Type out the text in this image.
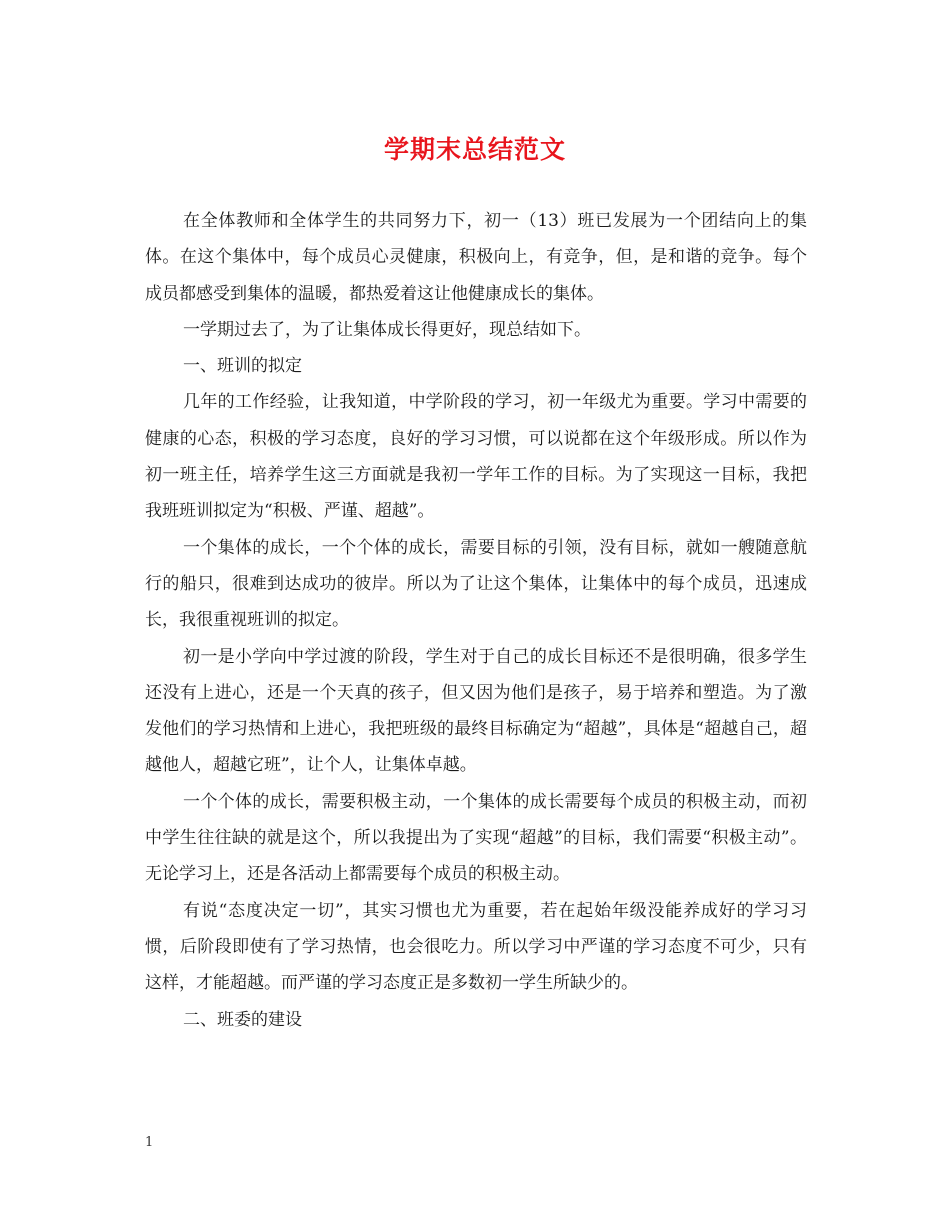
学期末总结范文

在全体教师和全体学生的共同努力下，初一（13）班已发展为一个团结向上的集体。在这个集体中，每个成员心灵健康，积极向上，有竞争，但，是和谐的竞争。每个成员都感受到集体的温暖，都热爱着这让他健康成长的集体。

一学期过去了，为了让集体成长得更好，现总结如下。

一、班训的拟定

几年的工作经验，让我知道，中学阶段的学习，初一年级尤为重要。学习中需要的健康的心态，积极的学习态度，良好的学习习惯，可以说都在这个年级形成。所以作为初一班主任，培养学生这三方面就是我初一学年工作的目标。为了实现这一目标，我把我班班训拟定为“积极、严谨、超越”。

一个集体的成长，一个个体的成长，需要目标的引领，没有目标，就如一艘随意航行的船只，很难到达成功的彼岸。所以为了让这个集体，让集体中的每个成员，迅速成长，我很重视班训的拟定。

初一是小学向中学过渡的阶段，学生对于自己的成长目标还不是很明确，很多学生还没有上进心，还是一个天真的孩子，但又因为他们是孩子，易于培养和塑造。为了激发他们的学习热情和上进心，我把班级的最终目标确定为“超越”，具体是“超越自己，超越他人，超越它班”，让个人，让集体卓越。

一个个体的成长，需要积极主动，一个集体的成长需要每个成员的积极主动，而初中学生往往缺的就是这个，所以我提出为了实现“超越”的目标，我们需要“积极主动”。无论学习上，还是各活动上都需要每个成员的积极主动。

有说“态度决定一切”，其实习惯也尤为重要，若在起始年级没能养成好的学习习惯，后阶段即使有了学习热情，也会很吃力。所以学习中严谨的学习态度不可少，只有这样，才能超越。而严谨的学习态度正是多数初一学生所缺少的。

二、班委的建设

1
